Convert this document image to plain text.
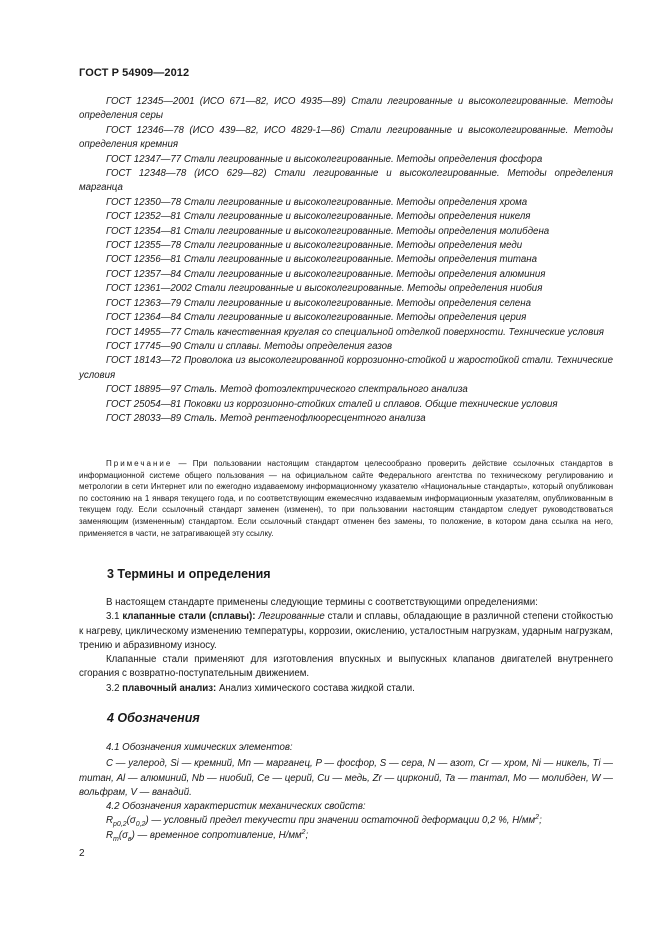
ГОСТ Р 54909—2012

ГОСТ 12345—2001 (ИСО 671—82, ИСО 4935—89) Стали легированные и высоколегированные. Методы определения серы

ГОСТ 12346—78 (ИСО 439—82, ИСО 4829-1—86) Стали легированные и высоколегированные. Методы определения кремния

ГОСТ 12347—77 Стали легированные и высоколегированные. Методы определения фосфора

ГОСТ 12348—78 (ИСО 629—82) Стали легированные и высоколегированные. Методы определения марганца

ГОСТ 12350—78 Стали легированные и высоколегированные. Методы определения хрома

ГОСТ 12352—81 Стали легированные и высоколегированные. Методы определения никеля

ГОСТ 12354—81 Стали легированные и высоколегированные. Методы определения молибдена

ГОСТ 12355—78 Стали легированные и высоколегированные. Методы определения меди

ГОСТ 12356—81 Стали легированные и высоколегированные. Методы определения титана

ГОСТ 12357—84 Стали легированные и высоколегированные. Методы определения алюминия

ГОСТ 12361—2002 Стали легированные и высоколегированные. Методы определения ниобия

ГОСТ 12363—79 Стали легированные и высоколегированные. Методы определения селена

ГОСТ 12364—84 Стали легированные и высоколегированные. Методы определения церия

ГОСТ 14955—77 Сталь качественная круглая со специальной отделкой поверхности. Технические условия

ГОСТ 17745—90 Стали и сплавы. Методы определения газов

ГОСТ 18143—72 Проволока из высоколегированной коррозионно-стойкой и жаростойкой стали. Технические условия

ГОСТ 18895—97 Сталь. Метод фотоэлектрического спектрального анализа

ГОСТ 25054—81 Поковки из коррозионно-стойких сталей и сплавов. Общие технические условия

ГОСТ 28033—89 Сталь. Метод рентгенофлюоресцентного анализа

Примечание — При пользовании настоящим стандартом целесообразно проверить действие ссылочных стандартов в информационной системе общего пользования — на официальном сайте Федерального агентства по техническому регулированию и метрологии в сети Интернет или по ежегодно издаваемому информационному указателю «Национальные стандарты», который опубликован по состоянию на 1 января текущего года, и по соответствующим ежемесячно издаваемым информационным указателям, опубликованным в текущем году. Если ссылочный стандарт заменен (изменен), то при пользовании настоящим стандартом следует руководствоваться заменяющим (измененным) стандартом. Если ссылочный стандарт отменен без замены, то положение, в котором дана ссылка на него, применяется в части, не затрагивающей эту ссылку.
3 Термины и определения

В настоящем стандарте применены следующие термины с соответствующими определениями:

3.1 клапанные стали (сплавы): Легированные стали и сплавы, обладающие в различной степени стойкостью к нагреву, циклическому изменению температуры, коррозии, окислению, усталостным нагрузкам, ударным нагрузкам, трению и абразивному износу.

Клапанные стали применяют для изготовления впускных и выпускных клапанов двигателей внутреннего сгорания с возвратно-поступательным движением.

3.2 плавочный анализ: Анализ химического состава жидкой стали.

4 Обозначения

4.1 Обозначения химических элементов:

C — углерод, Si — кремний, Mn — марганец, P — фосфор, S — сера, N — азот, Cr — хром, Ni — никель, Ti — титан, Al — алюминий, Nb — ниобий, Ce — церий, Cu — медь, Zr — цирконий, Ta — тантал, Mo — молибден, W — вольфрам, V — ванадий.

4.2 Обозначения характеристик механических свойств:

$R_{p0,2}(\sigma_{0,2})$ — условный предел текучести при значении остаточной деформации 0,2 %, $Н/мм^2$;

$R_m(\sigma_в)$ — временное сопротивление, $Н/мм^2$;

2
